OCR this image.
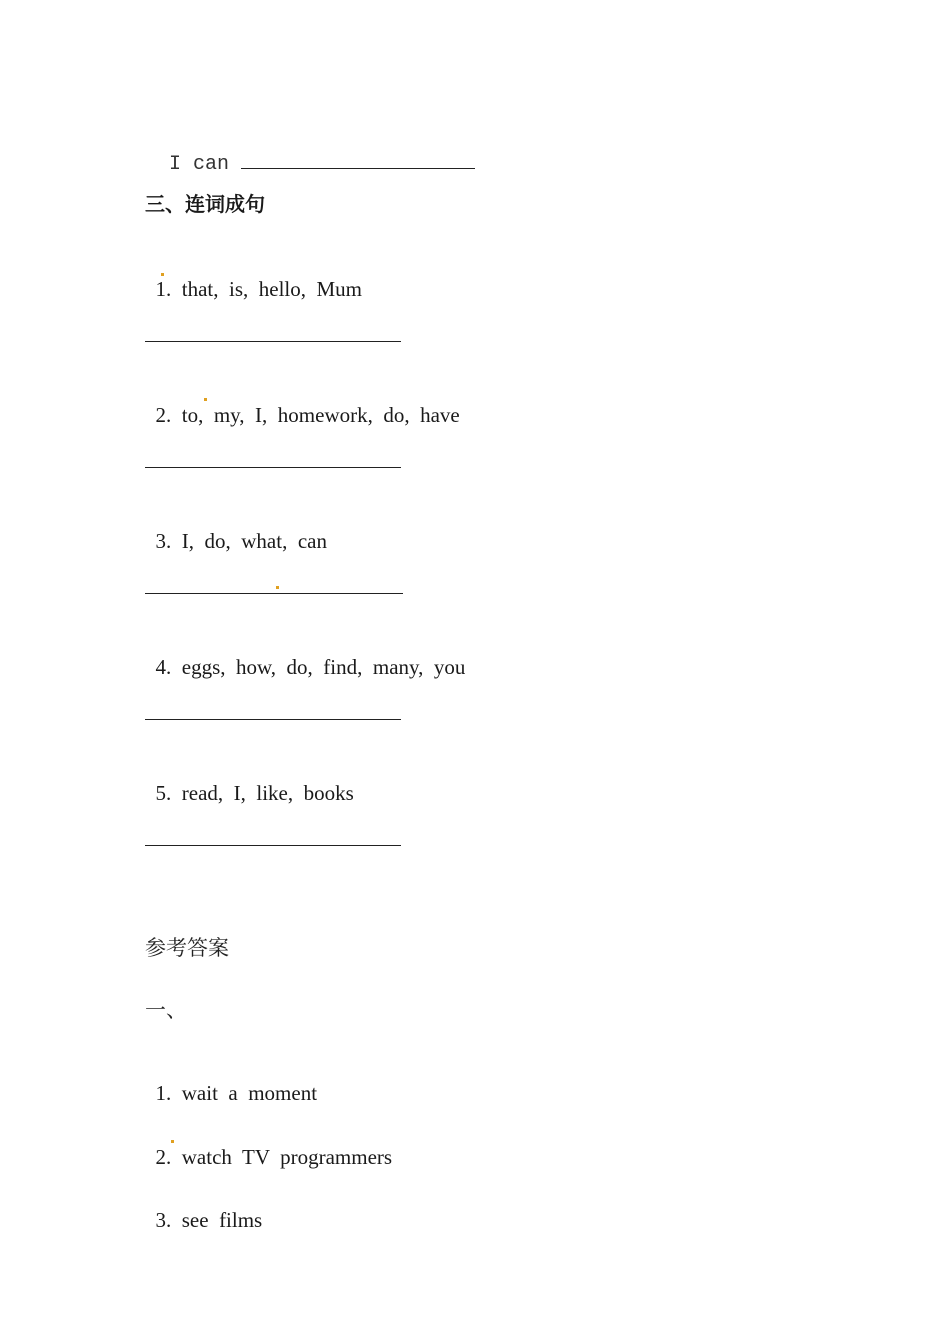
I can

三、连词成句

1. that,  is,  hello,  Mum

2. to,  my,  I,  homework,  do,  have

3. I,  do,  what,  can

4. eggs,  how,  do,  find,  many,  you

5. read,  I,  like,  books

参考答案
一、

1. wait  a  moment

2. watch  TV  programmers

3. see  films
